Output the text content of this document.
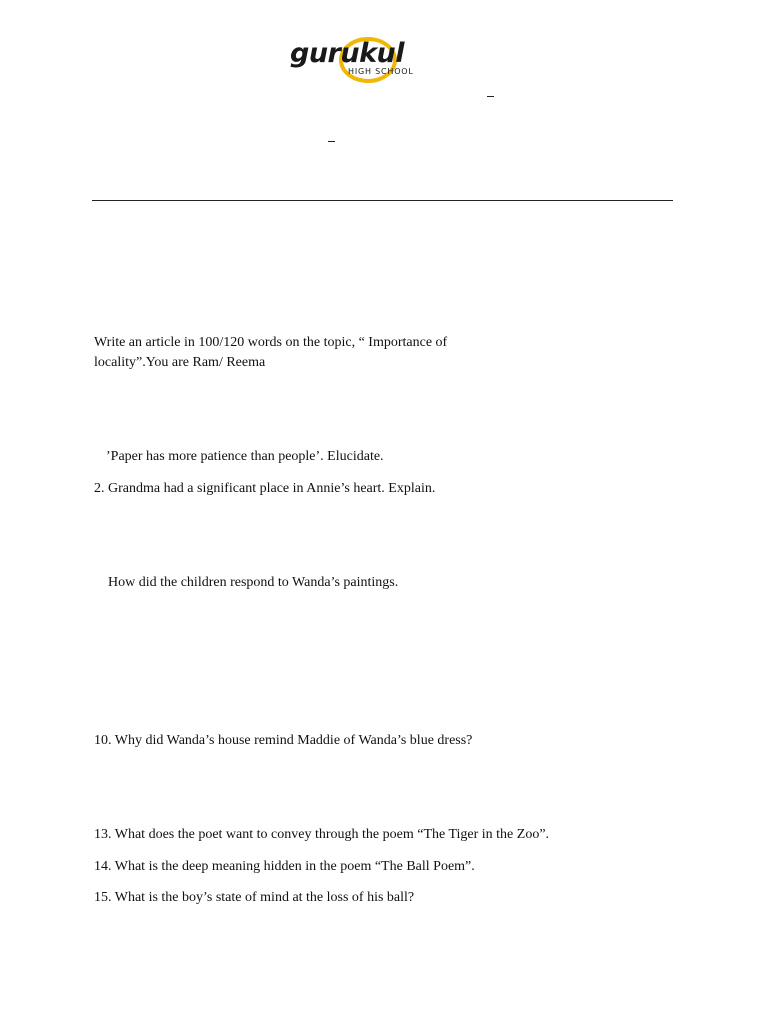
gurukul
HIGH SCHOOL
Write an article in 100/120 words on the topic, “ Importance of
locality”.You are Ram/ Reema
’Paper has more patience than people’. Elucidate.
2. Grandma had a significant place in Annie’s heart. Explain.
How did the children respond to Wanda’s paintings.
10. Why did Wanda’s house remind Maddie of Wanda’s blue dress?
13. What does the poet want to convey through the poem “The Tiger in the Zoo”.
14. What is the deep meaning hidden in the poem “The Ball Poem”.
15. What is the boy’s state of mind at the loss of his ball?
